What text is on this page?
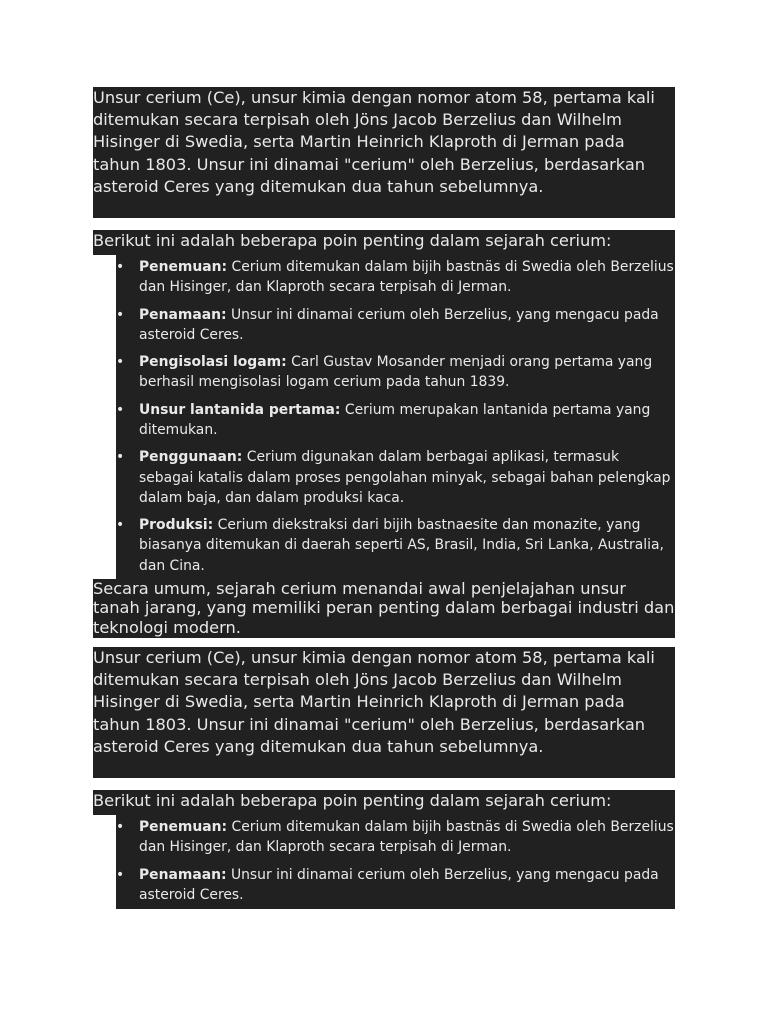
Unsur cerium (Ce), unsur kimia dengan nomor atom 58, pertama kali ditemukan secara terpisah oleh Jöns Jacob Berzelius dan Wilhelm Hisinger di Swedia, serta Martin Heinrich Klaproth di Jerman pada tahun 1803. Unsur ini dinamai "cerium" oleh Berzelius, berdasarkan asteroid Ceres yang ditemukan dua tahun sebelumnya.

Berikut ini adalah beberapa poin penting dalam sejarah cerium:

• Penemuan: Cerium ditemukan dalam bijih bastnäs di Swedia oleh Berzelius dan Hisinger, dan Klaproth secara terpisah di Jerman.
• Penamaan: Unsur ini dinamai cerium oleh Berzelius, yang mengacu pada asteroid Ceres.
• Pengisolasi logam: Carl Gustav Mosander menjadi orang pertama yang berhasil mengisolasi logam cerium pada tahun 1839.
• Unsur lantanida pertama: Cerium merupakan lantanida pertama yang ditemukan.
• Penggunaan: Cerium digunakan dalam berbagai aplikasi, termasuk sebagai katalis dalam proses pengolahan minyak, sebagai bahan pelengkap dalam baja, dan dalam produksi kaca.
• Produksi: Cerium diekstraksi dari bijih bastnaesite dan monazite, yang biasanya ditemukan di daerah seperti AS, Brasil, India, Sri Lanka, Australia, dan Cina.

Secara umum, sejarah cerium menandai awal penjelajahan unsur tanah jarang, yang memiliki peran penting dalam berbagai industri dan teknologi modern.

Unsur cerium (Ce), unsur kimia dengan nomor atom 58, pertama kali ditemukan secara terpisah oleh Jöns Jacob Berzelius dan Wilhelm Hisinger di Swedia, serta Martin Heinrich Klaproth di Jerman pada tahun 1803. Unsur ini dinamai "cerium" oleh Berzelius, berdasarkan asteroid Ceres yang ditemukan dua tahun sebelumnya.

Berikut ini adalah beberapa poin penting dalam sejarah cerium:

• Penemuan: Cerium ditemukan dalam bijih bastnäs di Swedia oleh Berzelius dan Hisinger, dan Klaproth secara terpisah di Jerman.
• Penamaan: Unsur ini dinamai cerium oleh Berzelius, yang mengacu pada asteroid Ceres.
